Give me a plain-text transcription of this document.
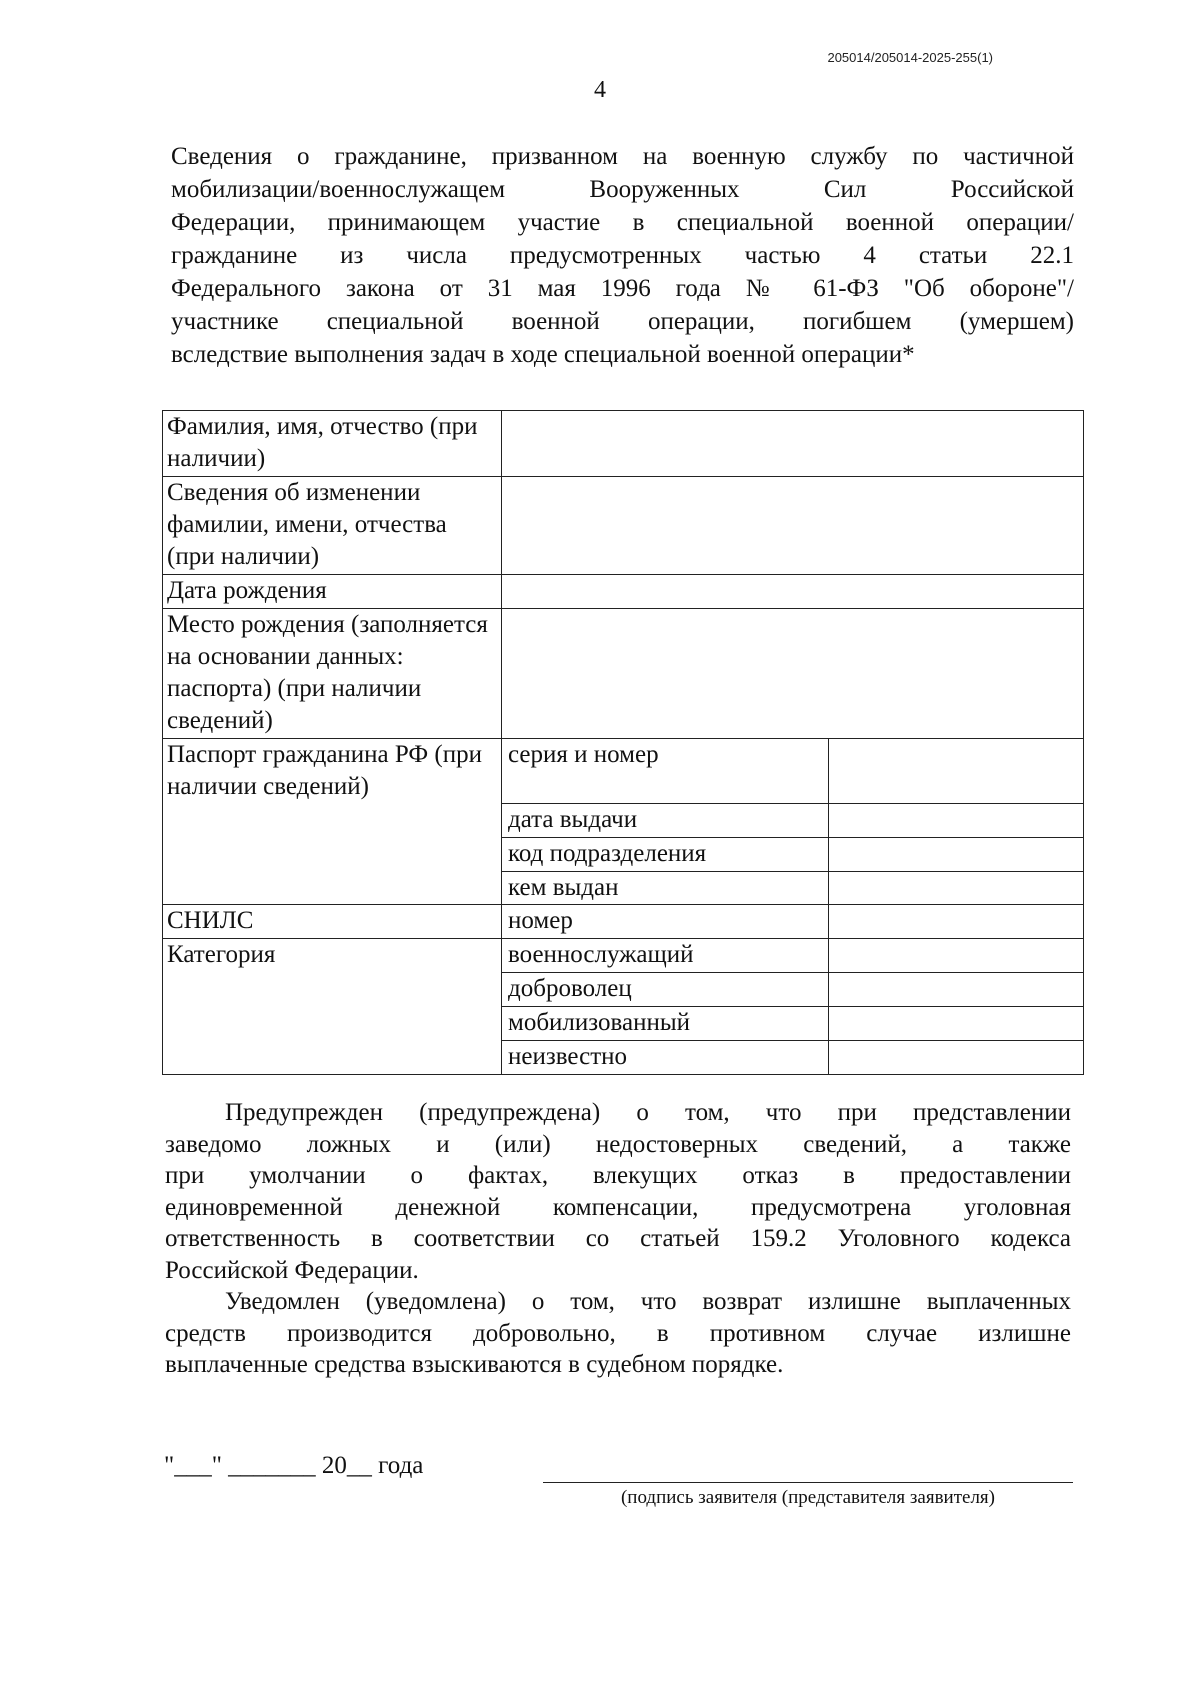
205014/205014-2025-255(1)
4
Сведения о гражданине, призванном на военную службу по частичной
мобилизации/военнослужащем Вооруженных Сил Российской
Федерации, принимающем участие в специальной военной операции/
гражданине из числа предусмотренных частью 4 статьи 22.1
Федерального закона от 31 мая 1996 года № 61-ФЗ "Об обороне"/
участнике специальной военной операции, погибшем (умершем)
вследствие выполнения задач в ходе специальной военной операции*
Фамилия, имя, отчество (при наличии)		
Сведения об изменении фамилии, имени, отчества (при наличии)		
Дата рождения		
Место рождения (заполняется на основании данных: паспорта) (при наличии сведений)		
Паспорт гражданина РФ (при наличии сведений)	серия и номер	
	дата выдачи	
	код подразделения	
	кем выдан	
СНИЛС	номер	
Категория	военнослужащий	
	доброволец	
	мобилизованный	
	неизвестно	
Предупрежден (предупреждена) о том, что при представлении
заведомо ложных и (или) недостоверных сведений, а также
при умолчании о фактах, влекущих отказ в предоставлении
единовременной денежной компенсации, предусмотрена уголовная
ответственность в соответствии со статьей 159.2 Уголовного кодекса
Российской Федерации.
Уведомлен (уведомлена) о том, что возврат излишне выплаченных
средств производится добровольно, в противном случае излишне
выплаченные средства взыскиваются в судебном порядке.
"___" _______ 20__ года
(подпись заявителя (представителя заявителя)
